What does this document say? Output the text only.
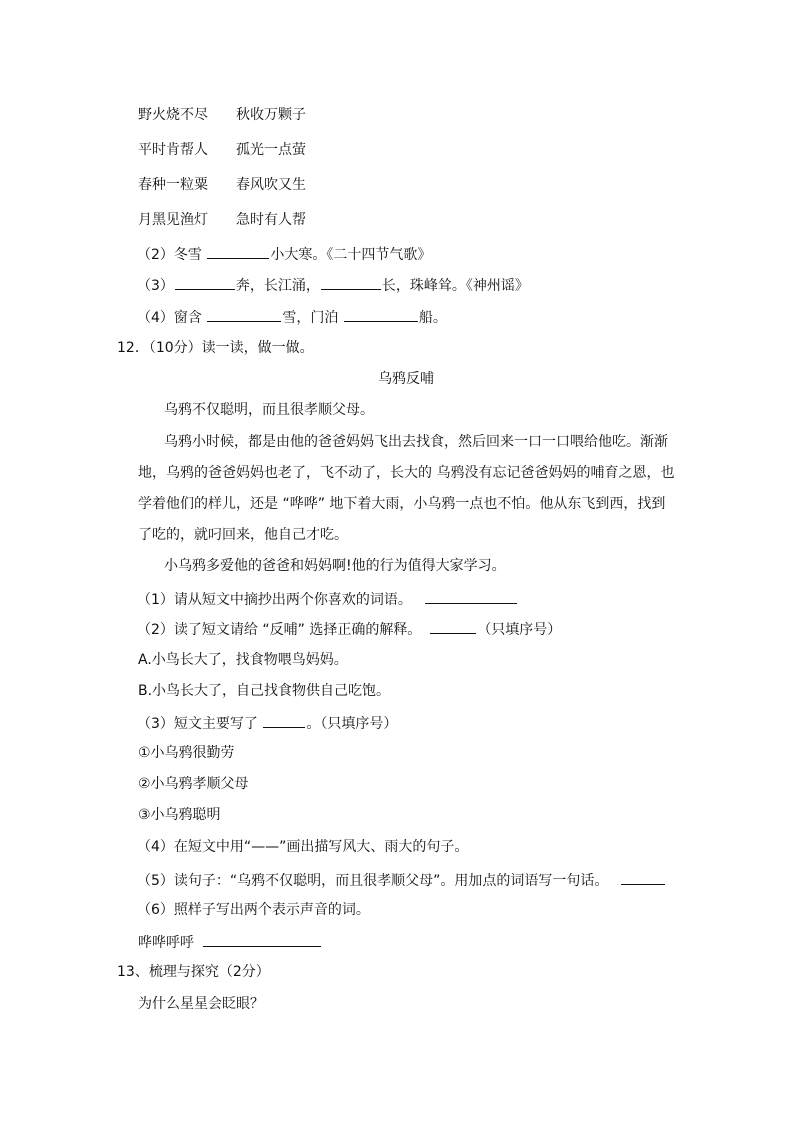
野火烧不尽 秋收万颗子
平时肯帮人 孤光一点萤
春种一粒粟 春风吹又生
月黑见渔灯 急时有人帮
（2）冬雪	小大寒。《二十四节气歌》
（3）	奔，长江涌，	长，珠峰耸。《神州谣》
（4）窗含	雪，门泊	船。
12．（10分）读一读，做一做。
乌鸦反哺
乌鸦不仅聪明，而且很孝顺父母。
乌鸦小时候，都是由他的爸爸妈妈飞出去找食，然后回来一口一口喂给他吃。渐渐
地，乌鸦的爸爸妈妈也老了，飞不动了，长大的 乌鸦没有忘记爸爸妈妈的哺育之恩，也
学着他们的样儿，还是 “哗哗” 地下着大雨，小乌鸦一点也不怕。他从东飞到西，找到
了吃的，就叼回来，他自己才吃。
小乌鸦多爱他的爸爸和妈妈啊!他的行为值得大家学习。
（1）请从短文中摘抄出两个你喜欢的词语。
（2）读了短文请给 “反哺” 选择正确的解释。	（只填序号）
A.小鸟长大了，找食物喂鸟妈妈。
B.小鸟长大了，自己找食物供自己吃饱。
（3）短文主要写了	。（只填序号）
①小乌鸦很勤劳
②小乌鸦孝顺父母
③小乌鸦聪明
（4）在短文中用“——”画出描写风大、雨大的句子。
（5）读句子：“乌鸦不仅聪明，而且很孝顺父母”。用加点的词语写一句话。
（6）照样子写出两个表示声音的词。
哗哗呼呼
13、梳理与探究（2分）
为什么星星会眨眼？
